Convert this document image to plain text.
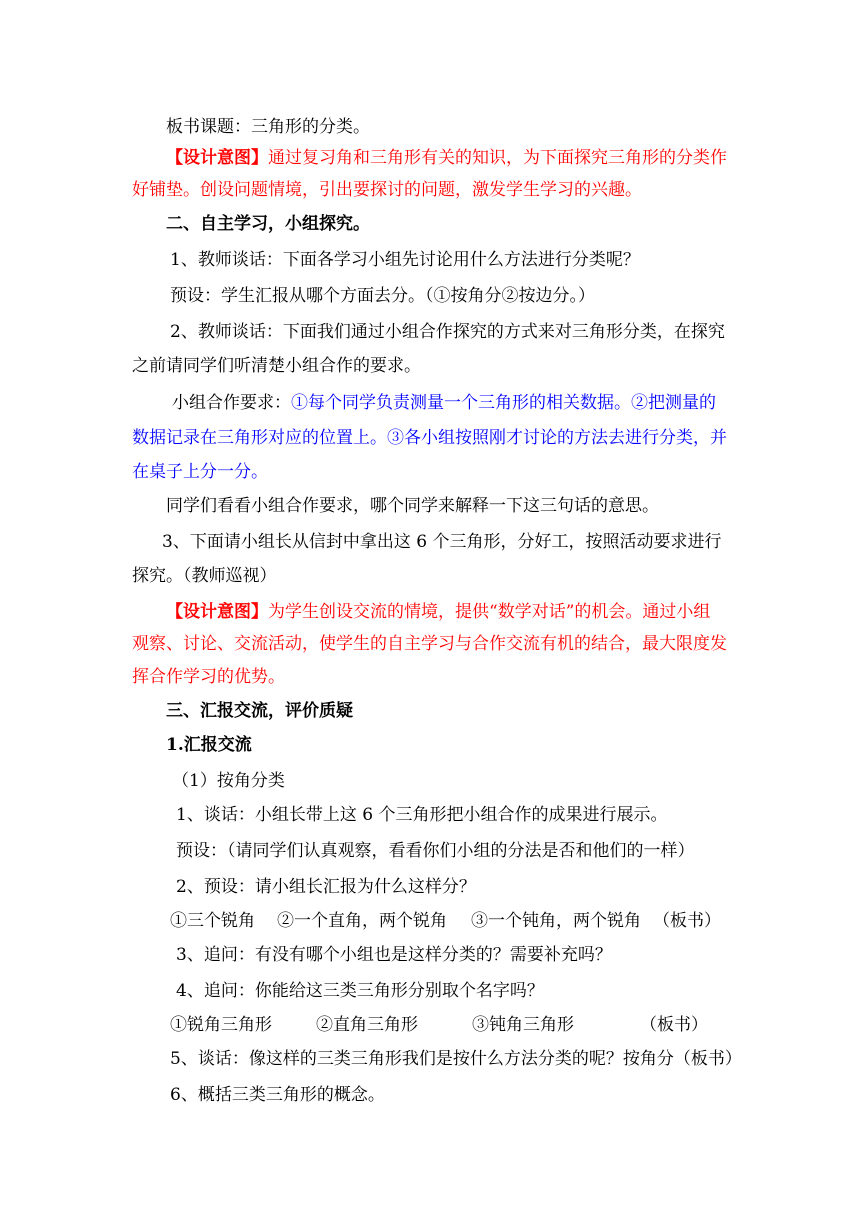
板书课题：三角形的分类。
【设计意图】通过复习角和三角形有关的知识，为下面探究三角形的分类作
好铺垫。创设问题情境，引出要探讨的问题，激发学生学习的兴趣。
二、自主学习，小组探究。
1、教师谈话：下面各学习小组先讨论用什么方法进行分类呢？
预设：学生汇报从哪个方面去分。（①按角分②按边分。）
2、教师谈话：下面我们通过小组合作探究的方式来对三角形分类，在探究
之前请同学们听清楚小组合作的要求。
小组合作要求：①每个同学负责测量一个三角形的相关数据。②把测量的
数据记录在三角形对应的位置上。③各小组按照刚才讨论的方法去进行分类，并
在桌子上分一分。
同学们看看小组合作要求，哪个同学来解释一下这三句话的意思。
3、下面请小组长从信封中拿出这 6 个三角形，分好工，按照活动要求进行
探究。（教师巡视）
【设计意图】为学生创设交流的情境，提供“数学对话”的机会。通过小组
观察、讨论、交流活动，使学生的自主学习与合作交流有机的结合，最大限度发
挥合作学习的优势。
三、汇报交流，评价质疑
1.汇报交流
（1）按角分类
1、谈话：小组长带上这 6 个三角形把小组合作的成果进行展示。
预设：（请同学们认真观察，看看你们小组的分法是否和他们的一样）
2、预设：请小组长汇报为什么这样分？
①三个锐角 ②一个直角，两个锐角 ③一个钝角，两个锐角 （板书）
3、追问：有没有哪个小组也是这样分类的？需要补充吗？
4、追问：你能给这三类三角形分别取个名字吗？
①锐角三角形	②直角三角形	③钝角三角形	（板书）
5、谈话：像这样的三类三角形我们是按什么方法分类的呢？按角分（板书）
6、概括三类三角形的概念。
